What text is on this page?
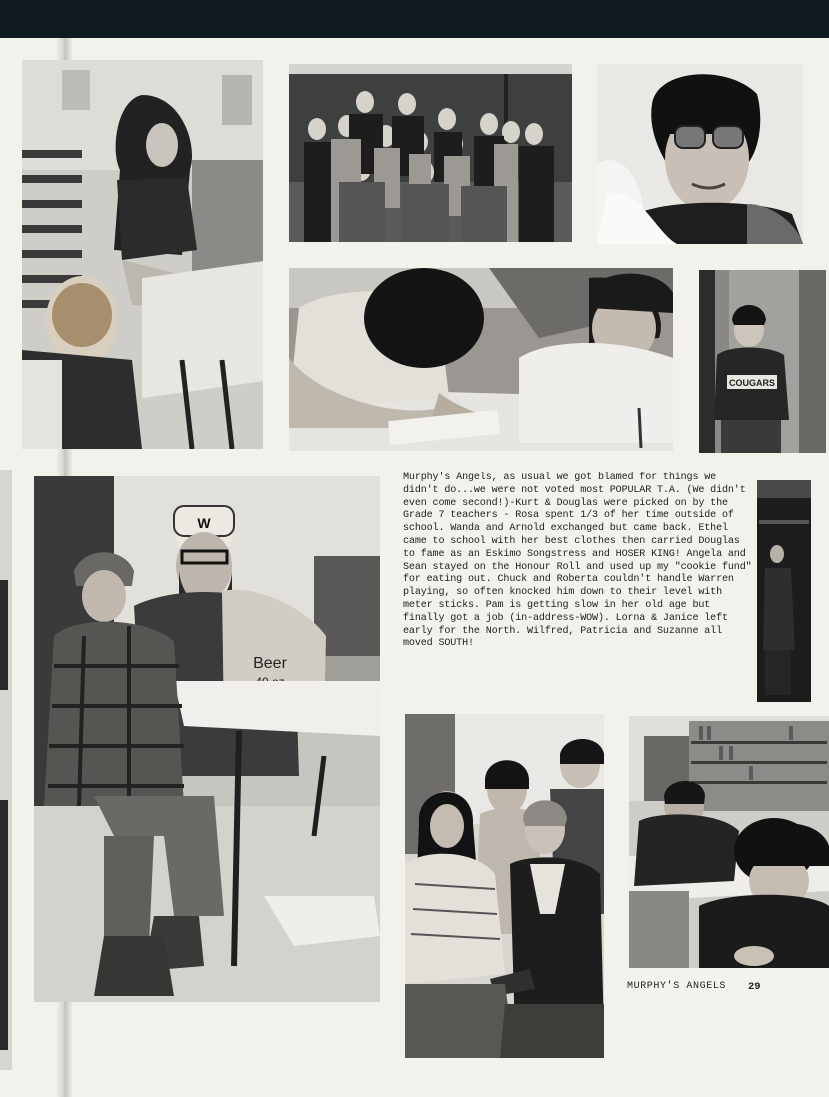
COUGARS
W
Beer
Murphy's Angels, as usual we got blamed for things we didn't do...we were not voted most POPULAR T.A. (We didn't even come second!)-Kurt & Douglas were picked on by the Grade 7 teachers - Rosa spent 1/3 of her time outside of school. Wanda and Arnold exchanged but came back. Ethel came to school with her best clothes then carried Douglas to fame as an Eskimo Songstress and HOSER KING! Angela and Sean stayed on the Honour Roll and used up my "cookie fund" for eating out. Chuck and Roberta couldn't handle Warren playing, so often knocked him down to their level with meter sticks. Pam is getting slow in her old age but finally got a job (in-address-WOW). Lorna & Janice left early for the North. Wilfred, Patricia and Suzanne all moved SOUTH!
MURPHY'S ANGELS 29
